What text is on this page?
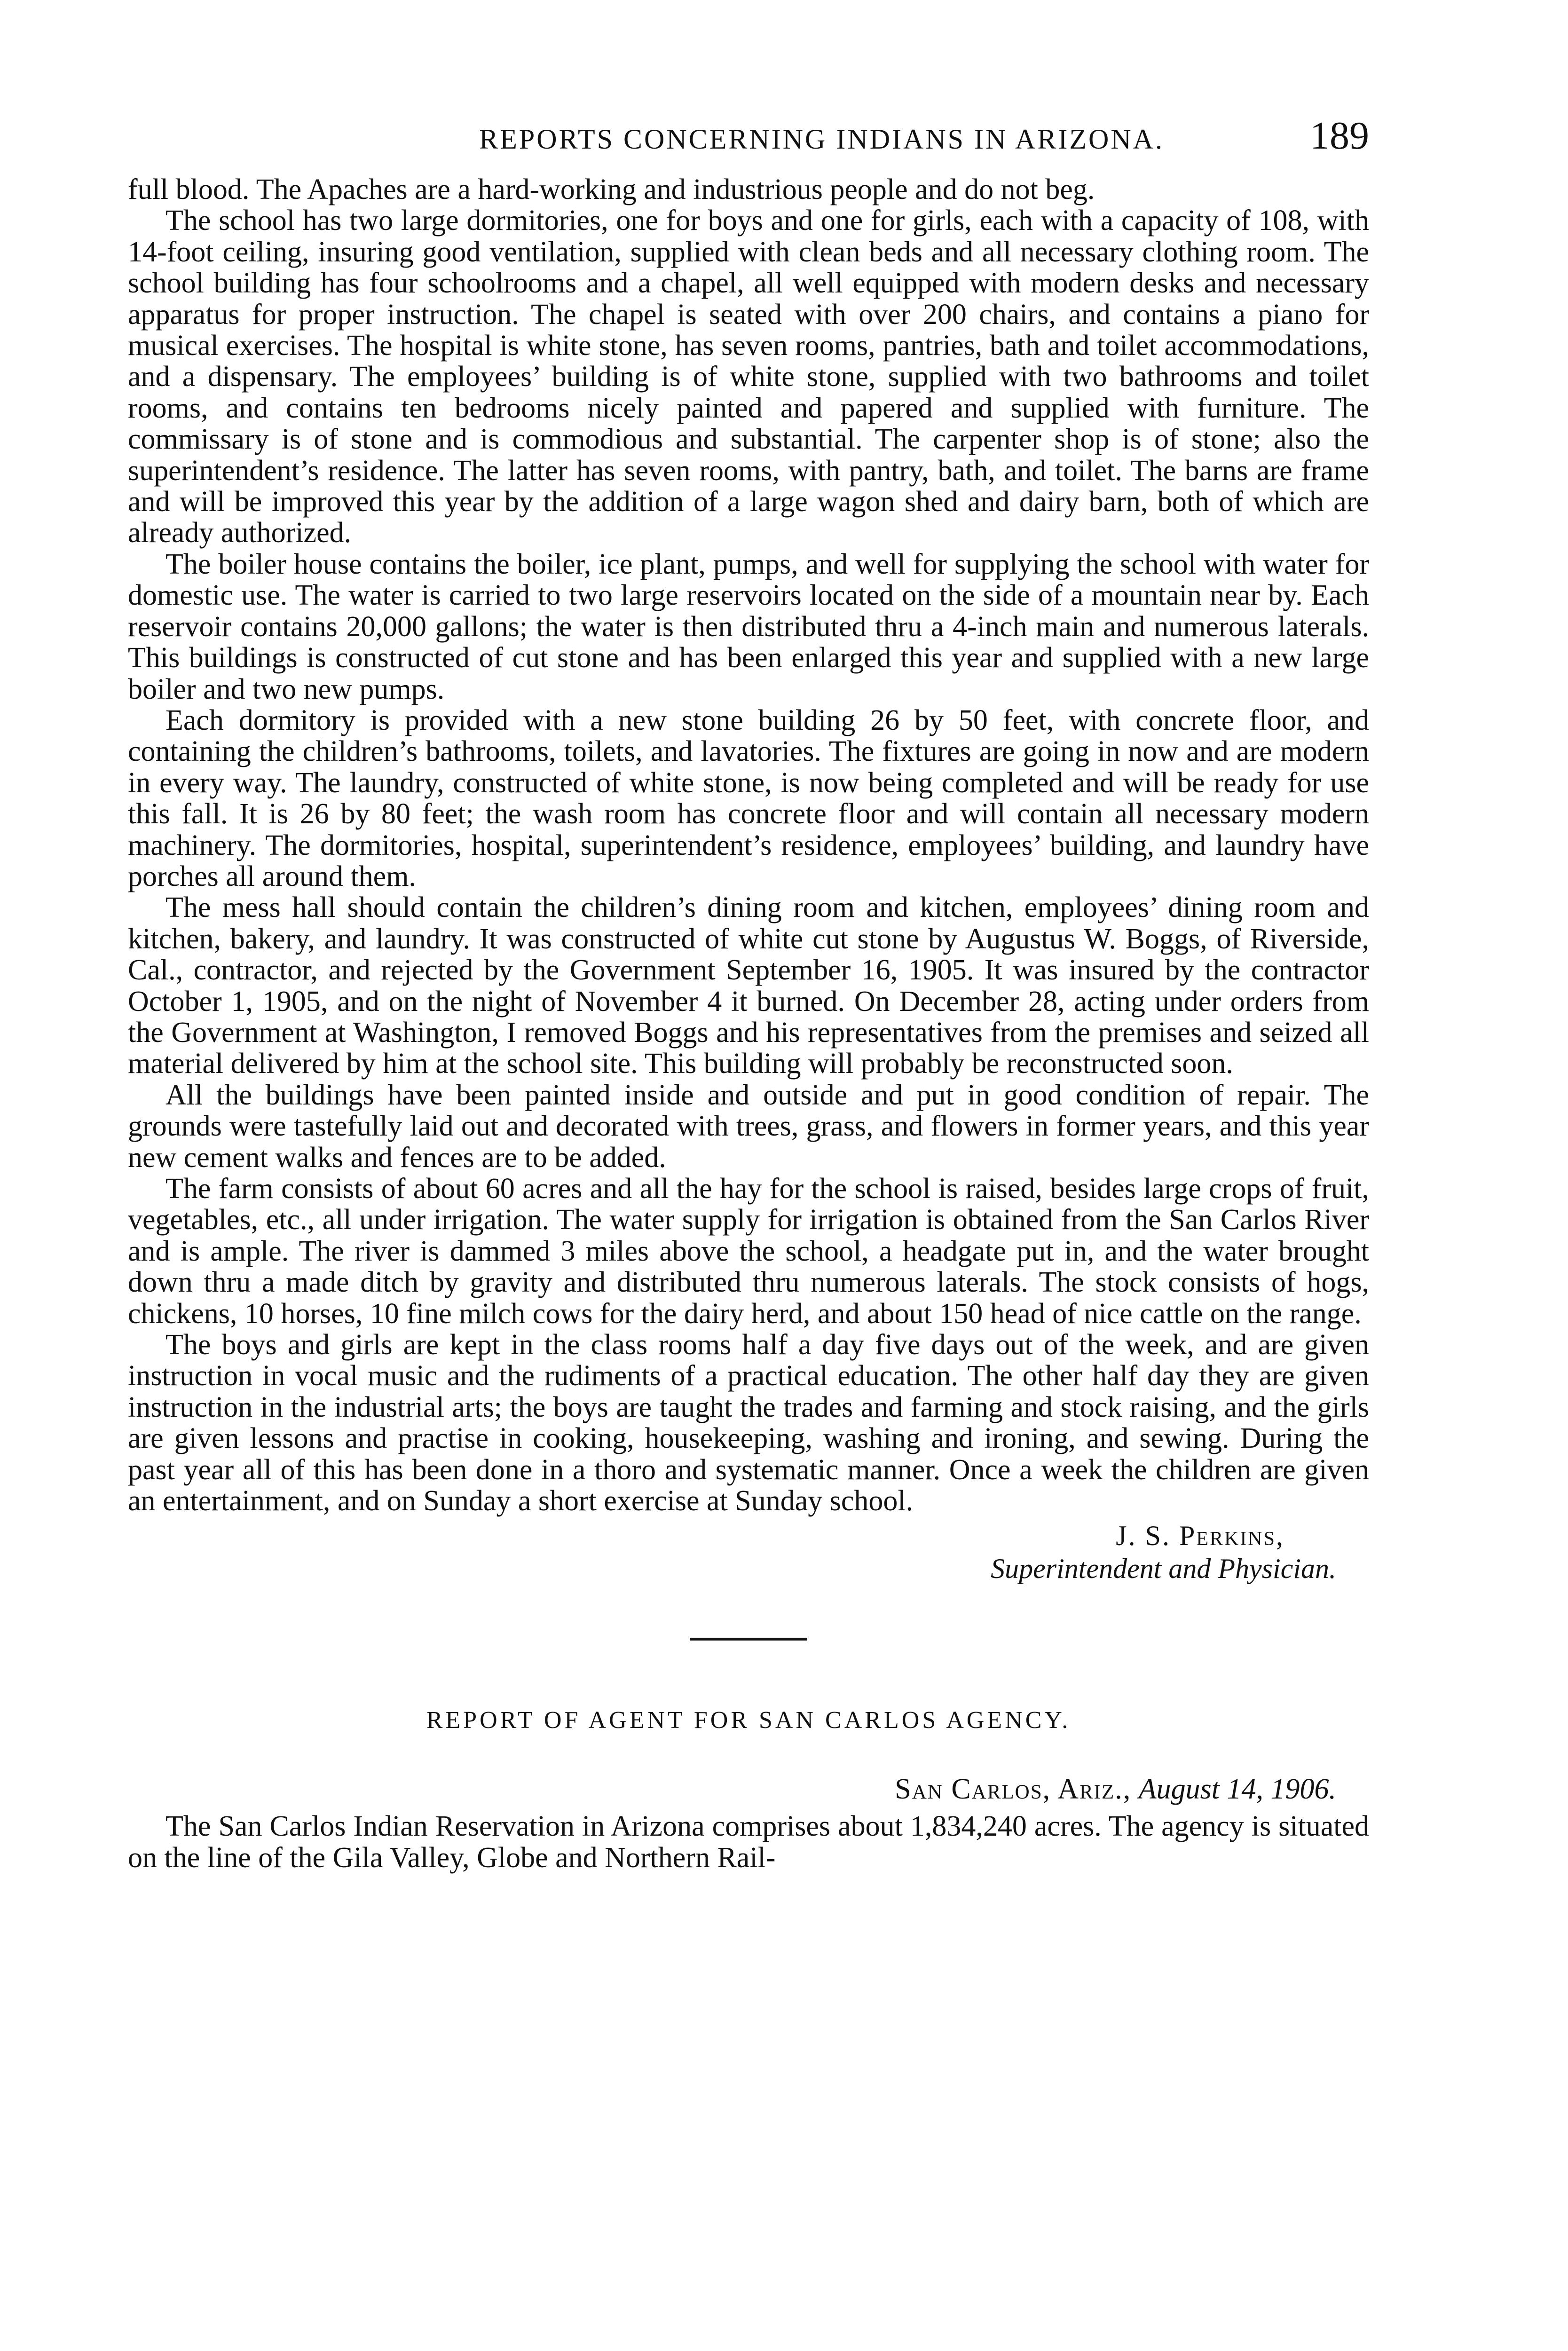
REPORTS CONCERNING INDIANS IN ARIZONA.	189

full blood. The Apaches are a hard-working and industrious people and do not beg.

The school has two large dormitories, one for boys and one for girls, each with a capacity of 108, with 14-foot ceiling, insuring good ventilation, supplied with clean beds and all necessary clothing room. The school building has four schoolrooms and a chapel, all well equipped with modern desks and necessary apparatus for proper instruction. The chapel is seated with over 200 chairs, and contains a piano for musical exercises. The hospital is white stone, has seven rooms, pantries, bath and toilet accommodations, and a dispensary. The employees’ building is of white stone, supplied with two bathrooms and toilet rooms, and contains ten bedrooms nicely painted and papered and supplied with furniture. The commissary is of stone and is commodious and substantial. The carpenter shop is of stone; also the superintendent’s residence. The latter has seven rooms, with pantry, bath, and toilet. The barns are frame and will be improved this year by the addition of a large wagon shed and dairy barn, both of which are already authorized.

The boiler house contains the boiler, ice plant, pumps, and well for supplying the school with water for domestic use. The water is carried to two large reservoirs located on the side of a mountain near by. Each reservoir contains 20,000 gallons; the water is then distributed thru a 4-inch main and numerous laterals. This buildings is constructed of cut stone and has been enlarged this year and supplied with a new large boiler and two new pumps.

Each dormitory is provided with a new stone building 26 by 50 feet, with concrete floor, and containing the children’s bathrooms, toilets, and lavatories. The fixtures are going in now and are modern in every way. The laundry, constructed of white stone, is now being completed and will be ready for use this fall. It is 26 by 80 feet; the wash room has concrete floor and will contain all necessary modern machinery. The dormitories, hospital, superintendent’s residence, employees’ building, and laundry have porches all around them.

The mess hall should contain the children’s dining room and kitchen, employees’ dining room and kitchen, bakery, and laundry. It was constructed of white cut stone by Augustus W. Boggs, of Riverside, Cal., contractor, and rejected by the Government September 16, 1905. It was insured by the contractor October 1, 1905, and on the night of November 4 it burned. On December 28, acting under orders from the Government at Washington, I removed Boggs and his representatives from the premises and seized all material delivered by him at the school site. This building will probably be reconstructed soon.

All the buildings have been painted inside and outside and put in good condition of repair. The grounds were tastefully laid out and decorated with trees, grass, and flowers in former years, and this year new cement walks and fences are to be added.

The farm consists of about 60 acres and all the hay for the school is raised, besides large crops of fruit, vegetables, etc., all under irrigation. The water supply for irrigation is obtained from the San Carlos River and is ample. The river is dammed 3 miles above the school, a headgate put in, and the water brought down thru a made ditch by gravity and distributed thru numerous laterals. The stock consists of hogs, chickens, 10 horses, 10 fine milch cows for the dairy herd, and about 150 head of nice cattle on the range.

The boys and girls are kept in the class rooms half a day five days out of the week, and are given instruction in vocal music and the rudiments of a practical education. The other half day they are given instruction in the industrial arts; the boys are taught the trades and farming and stock raising, and the girls are given lessons and practise in cooking, housekeeping, washing and ironing, and sewing. During the past year all of this has been done in a thoro and systematic manner. Once a week the children are given an entertainment, and on Sunday a short exercise at Sunday school.

J. S. Perkins,
Superintendent and Physician.
REPORT OF AGENT FOR SAN CARLOS AGENCY.
San Carlos, Ariz., August 14, 1906.

The San Carlos Indian Reservation in Arizona comprises about 1,834,240 acres. The agency is situated on the line of the Gila Valley, Globe and Northern Rail-
